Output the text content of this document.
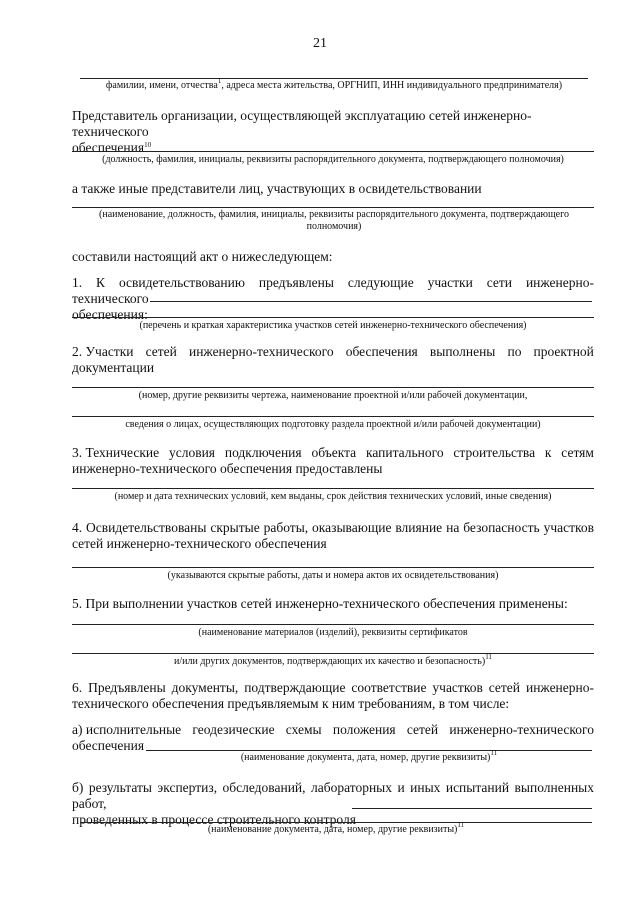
21
фамилии, имени, отчества$^1$, адреса места жительства, ОРГНИП, ИНН индивидуального предпринимателя)
Представитель организации, осуществляющей эксплуатацию сетей инженерно-технического
обеспечения$^{10}$
(должность, фамилия, инициалы, реквизиты распорядительного документа, подтверждающего полномочия)
а также иные представители лиц, участвующих в освидетельствовании
(наименование, должность, фамилия, инициалы, реквизиты распорядительного документа, подтверждающего полномочия)
составили настоящий акт о нижеследующем:
1. К освидетельствованию предъявлены следующие участки сети инженерно-технического
обеспечения:
(перечень и краткая характеристика участков сетей инженерно-технического обеспечения)
2. Участки сетей инженерно-технического обеспечения выполнены по проектной
документации
(номер, другие реквизиты чертежа, наименование проектной и/или рабочей документации,
сведения о лицах, осуществляющих подготовку раздела проектной и/или рабочей документации)
3. Технические условия подключения объекта капитального строительства к сетям
инженерно-технического обеспечения предоставлены
(номер и дата технических условий, кем выданы, срок действия технических условий, иные сведения)
4. Освидетельствованы скрытые работы, оказывающие влияние на безопасность участков
сетей инженерно-технического обеспечения
(указываются скрытые работы, даты и номера актов их освидетельствования)
5. При выполнении участков сетей инженерно-технического обеспечения применены:
(наименование материалов (изделий), реквизиты сертификатов
и/или других документов, подтверждающих их качество и безопасность)$^{11}$
6. Предъявлены документы, подтверждающие соответствие участков сетей инженерно-
технического обеспечения предъявляемым к ним требованиям, в том числе:
а) исполнительные геодезические схемы положения сетей инженерно-технического
обеспечения
(наименование документа, дата, номер, другие реквизиты)$^{11}$
б) результаты экспертиз, обследований, лабораторных и иных испытаний выполненных работ,
проведенных в процессе строительного контроля
(наименование документа, дата, номер, другие реквизиты)$^{11}$
